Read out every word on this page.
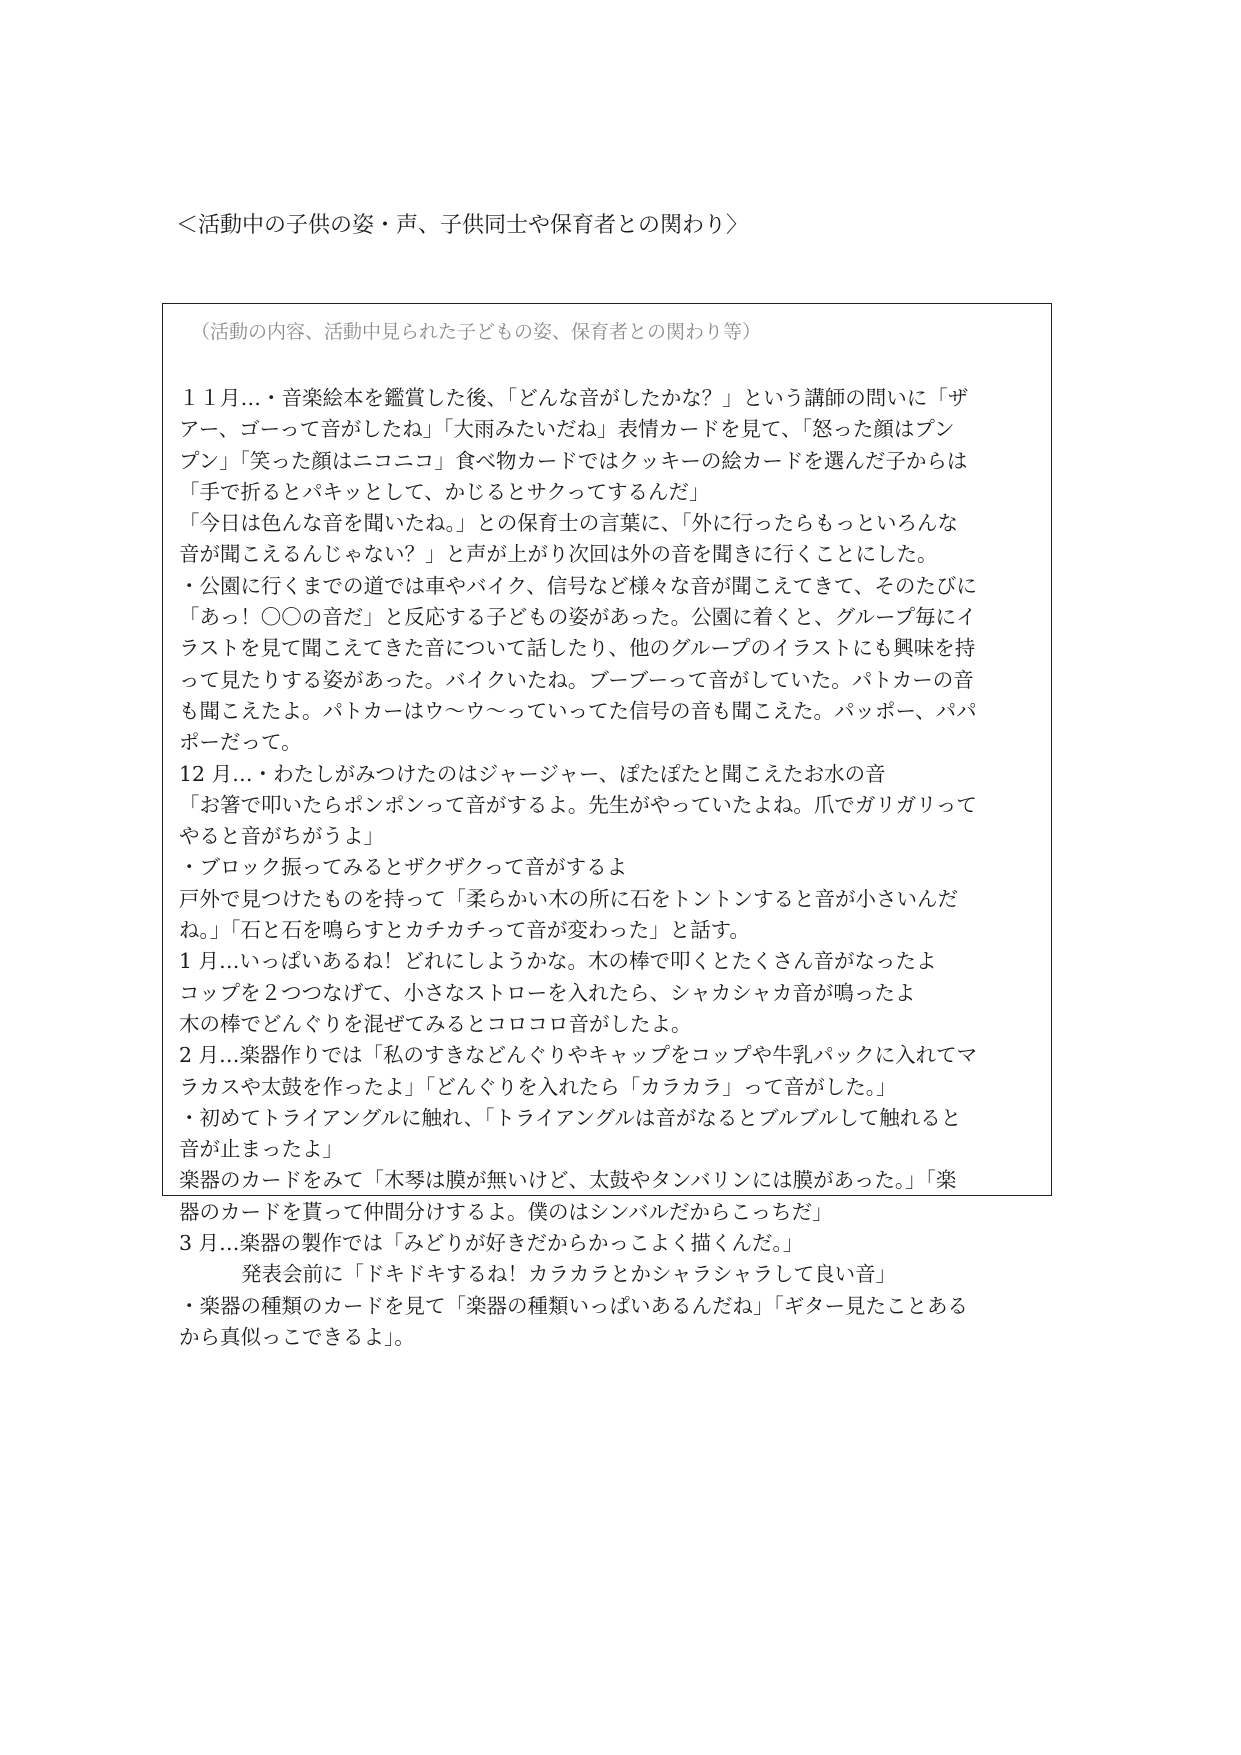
＜活動中の子供の姿・声、子供同士や保育者との関わり〉
（活動の内容、活動中見られた子どもの姿、保育者との関わり等）
１１月…・音楽絵本を鑑賞した後、「どんな音がしたかな？」という講師の問いに「ザ
アー、ゴーって音がしたね」「大雨みたいだね」表情カードを見て、「怒った顔はプン
プン」「笑った顔はニコニコ」食べ物カードではクッキーの絵カードを選んだ子からは
「手で折るとパキッとして、かじるとサクってするんだ」
「今日は色んな音を聞いたね。」との保育士の言葉に、「外に行ったらもっといろんな
音が聞こえるんじゃない？」と声が上がり次回は外の音を聞きに行くことにした。
・公園に行くまでの道では車やバイク、信号など様々な音が聞こえてきて、そのたびに
「あっ！〇〇の音だ」と反応する子どもの姿があった。公園に着くと、グループ毎にイ
ラストを見て聞こえてきた音について話したり、他のグループのイラストにも興味を持
って見たりする姿があった。バイクいたね。ブーブーって音がしていた。パトカーの音
も聞こえたよ。パトカーはウ～ウ～っていってた信号の音も聞こえた。パッポー、パパ
ポーだって。
12 月…・わたしがみつけたのはジャージャー、ぽたぽたと聞こえたお水の音
「お箸で叩いたらポンポンって音がするよ。先生がやっていたよね。爪でガリガリって
やると音がちがうよ」
・ブロック振ってみるとザクザクって音がするよ
戸外で見つけたものを持って「柔らかい木の所に石をトントンすると音が小さいんだ
ね。」「石と石を鳴らすとカチカチって音が変わった」と話す。
1 月…いっぱいあるね！どれにしようかな。木の棒で叩くとたくさん音がなったよ
コップを２つつなげて、小さなストローを入れたら、シャカシャカ音が鳴ったよ
木の棒でどんぐりを混ぜてみるとコロコロ音がしたよ。
2 月…楽器作りでは「私のすきなどんぐりやキャップをコップや牛乳パックに入れてマ
ラカスや太鼓を作ったよ」「どんぐりを入れたら「カラカラ」って音がした。」
・初めてトライアングルに触れ、「トライアングルは音がなるとブルブルして触れると
音が止まったよ」
楽器のカードをみて「木琴は膜が無いけど、太鼓やタンバリンには膜があった。」「楽
器のカードを貰って仲間分けするよ。僕のはシンバルだからこっちだ」
3 月…楽器の製作では「みどりが好きだからかっこよく描くんだ。」
発表会前に「ドキドキするね！カラカラとかシャラシャラして良い音」
・楽器の種類のカードを見て「楽器の種類いっぱいあるんだね」「ギター見たことある
から真似っこできるよ」。
